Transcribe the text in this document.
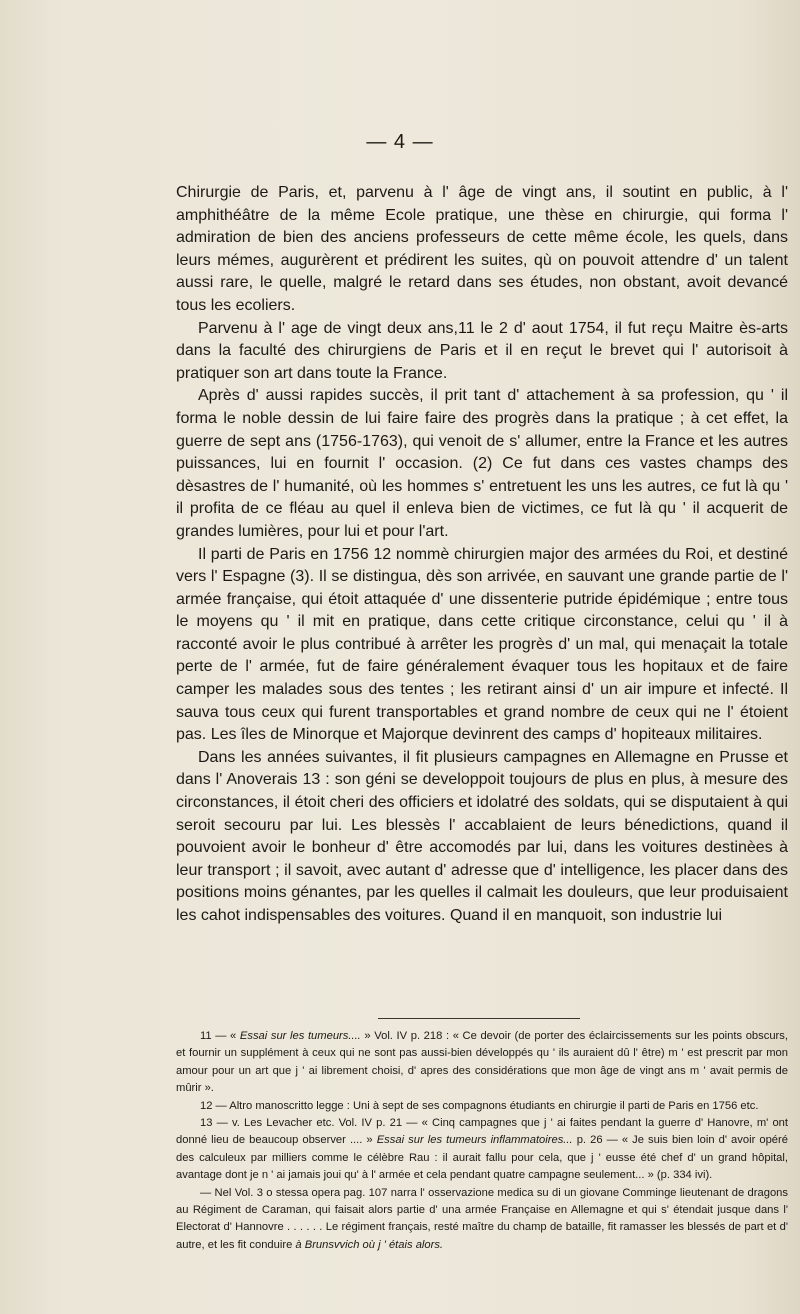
— 4 —

Chirurgie de Paris, et, parvenu à l' âge de vingt ans, il soutint en public, à l' amphithéâtre de la même Ecole pratique, une thèse en chirurgie, qui forma l' admiration de bien des anciens professeurs de cette même école, les quels, dans leurs mémes, augurèrent et prédirent les suites, qù on pouvoit attendre d' un talent aussi rare, le quelle, malgré le retard dans ses études, non obstant, avoit devancé tous les ecoliers.

Parvenu à l' age de vingt deux ans,11 le 2 d' aout 1754, il fut reçu Maitre ès-arts dans la faculté des chirurgiens de Paris et il en reçut le brevet qui l' autorisoit à pratiquer son art dans toute la France.

Après d' aussi rapides succès, il prit tant d' attachement à sa profession, qu ' il forma le noble dessin de lui faire faire des progrès dans la pratique ; à cet effet, la guerre de sept ans (1756-1763), qui venoit de s' allumer, entre la France et les autres puissances, lui en fournit l' occasion. (2) Ce fut dans ces vastes champs des dèsastres de l' humanité, où les hommes s' entretuent les uns les autres, ce fut là qu ' il profita de ce fléau au quel il enleva bien de victimes, ce fut là qu ' il acquerit de grandes lumières, pour lui et pour l'art.

Il parti de Paris en 1756 12 nommè chirurgien major des armées du Roi, et destiné vers l' Espagne (3). Il se distingua, dès son arrivée, en sauvant une grande partie de l' armée française, qui étoit attaquée d' une dissenterie putride épidémique ; entre tous le moyens qu ' il mit en pratique, dans cette critique circonstance, celui qu ' il à racconté avoir le plus contribué à arrêter les progrès d' un mal, qui menaçait la totale perte de l' armée, fut de faire généralement évaquer tous les hopitaux et de faire camper les malades sous des tentes ; les retirant ainsi d' un air impure et infecté. Il sauva tous ceux qui furent transportables et grand nombre de ceux qui ne l' étoient pas. Les îles de Minorque et Majorque devinrent des camps d' hopiteaux militaires.

Dans les années suivantes, il fit plusieurs campagnes en Allemagne en Prusse et dans l' Anoverais 13 : son géni se developpoit toujours de plus en plus, à mesure des circonstances, il étoit cheri des officiers et idolatré des soldats, qui se disputaient à qui seroit secouru par lui. Les blessès l' accablaient de leurs bénedictions, quand il pouvoient avoir le bonheur d' être accomodés par lui, dans les voitures destinèes à leur transport ; il savoit, avec autant d' adresse que d' intelligence, les placer dans des positions moins génantes, par les quelles il calmait les douleurs, que leur produisaient les cahot indispensables des voitures. Quand il en manquoit, son industrie lui

11 — « Essai sur les tumeurs.... » Vol. IV p. 218 : « Ce devoir (de porter des éclaircissements sur les points obscurs, et fournir un supplément à ceux qui ne sont pas aussi-bien développés qu ' ils auraient dû l' être) m ' est prescrit par mon amour pour un art que j ' ai librement choisi, d' apres des considérations que mon âge de vingt ans m ' avait permis de mûrir ».

12 — Altro manoscritto legge : Uni à sept de ses compagnons étudiants en chirurgie il parti de Paris en 1756 etc.

13 — v. Les Levacher etc. Vol. IV p. 21 — « Cinq campagnes que j ' ai faites pendant la guerre d' Hanovre, m' ont donné lieu de beaucoup observer .... » Essai sur les tumeurs inflammatoires... p. 26 — « Je suis bien loin d' avoir opéré des calculeux par milliers comme le célèbre Rau : il aurait fallu pour cela, que j ' eusse été chef d' un grand hôpital, avantage dont je n ' ai jamais joui qu' à l' armée et cela pendant quatre campagne seulement... » (p. 334 ivi).

— Nel Vol. 3 o stessa opera pag. 107 narra l' osservazione medica su di un giovane Comminge lieutenant de dragons au Régiment de Caraman, qui faisait alors partie d' una armée Française en Allemagne et qui s' étendait jusque dans l' Electorat d' Hannovre . . . . . . Le régiment français, resté maître du champ de bataille, fit ramasser les blessés de part et d' autre, et les fit conduire à Brunsvvich où j ' étais alors.
